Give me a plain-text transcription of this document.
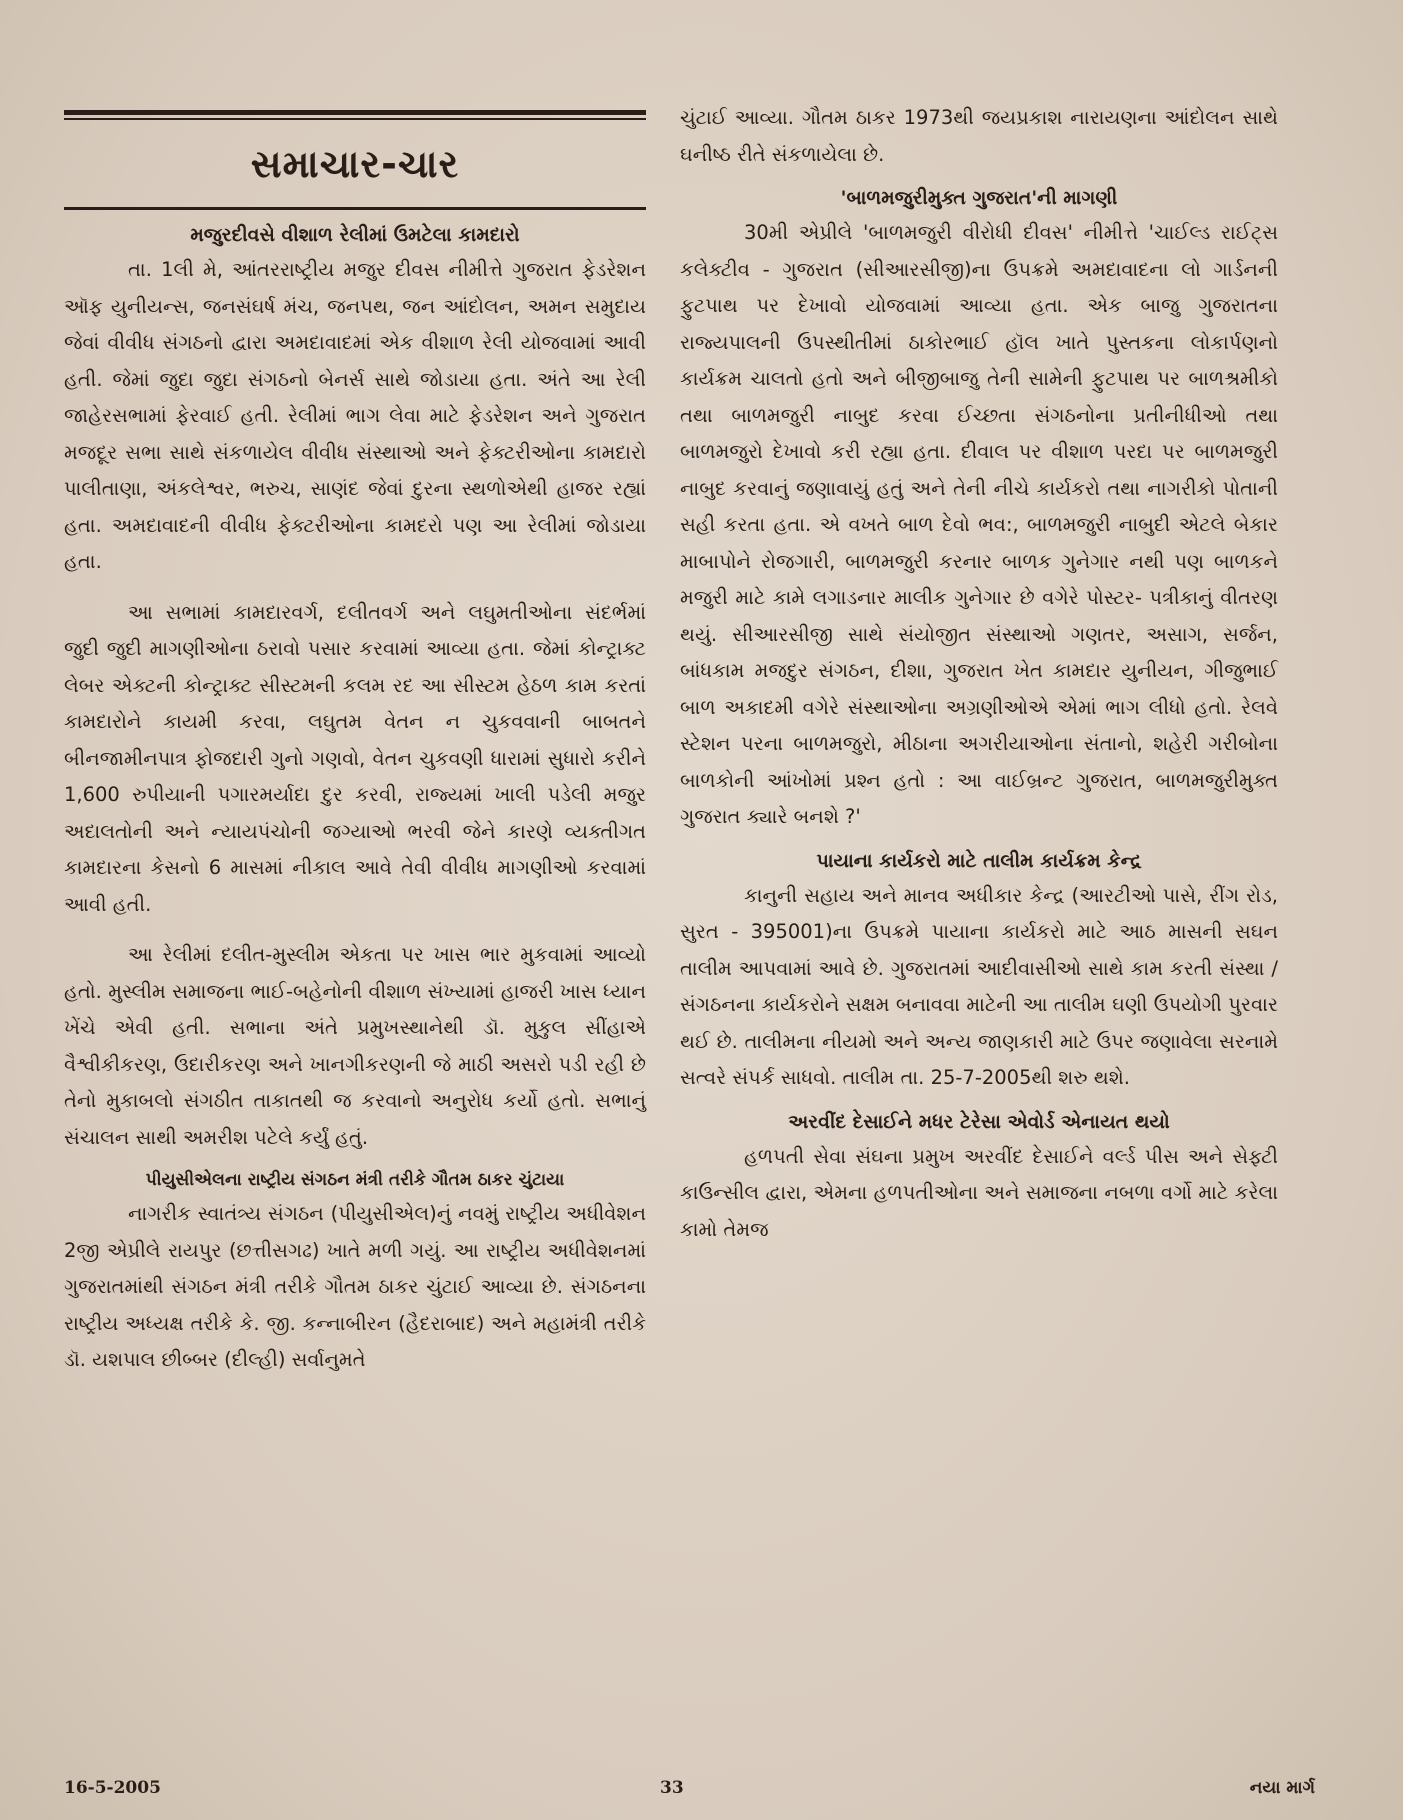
સમાચાર-ચાર
મજુરદીવસે વીશાળ રેલીમાં ઉમટેલા કામદારો

તા. 1લી મે, આંતરરાષ્ટ્રીય મજુર દીવસ નીમીત્તે ગુજરાત ફેડરેશન ઑફ યુનીયન્સ, જનસંઘર્ષ મંચ, જનપથ, જન આંદોલન, અમન સમુદાય જેવાં વીવીધ સંગઠનો દ્વારા અમદાવાદમાં એક વીશાળ રેલી યોજવામાં આવી હતી. જેમાં જુદા જુદા સંગઠનો બેનર્સ સાથે જોડાયા હતા. અંતે આ રેલી જાહેરસભામાં ફેરવાઈ હતી. રેલીમાં ભાગ લેવા માટે ફેડરેશન અને ગુજરાત મજદૂર સભા સાથે સંકળાયેલ વીવીધ સંસ્થાઓ અને ફેક્ટરીઓના કામદારો પાલીતાણા, અંકલેશ્વર, ભરુચ, સાણંદ જેવાં દુરના સ્થળોએથી હાજર રહ્યાં હતા. અમદાવાદની વીવીધ ફેક્ટરીઓના કામદરો પણ આ રેલીમાં જોડાયા હતા.

આ સભામાં કામદારવર્ગ, દલીતવર્ગ અને લઘુમતીઓના સંદર્ભમાં જુદી જુદી માગણીઓના ઠરાવો પસાર કરવામાં આવ્યા હતા. જેમાં કોન્ટ્રાક્ટ લેબર એક્ટની કોન્ટ્રાક્ટ સીસ્ટમની કલમ રદ આ સીસ્ટમ હેઠળ કામ કરતાં કામદારોને કાયમી કરવા, લઘુતમ વેતન ન ચુકવવાની બાબતને બીનજામીનપાત્ર ફોજદારી ગુનો ગણવો, વેતન ચુકવણી ધારામાં સુધારો કરીને 1,600 રુપીયાની પગારમર્યાદા દુર કરવી, રાજ્યમાં ખાલી પડેલી મજુર અદાલતોની અને ન્યાયપંચોની જગ્યાઓ ભરવી જેને કારણે વ્યક્તીગત કામદારના કેસનો 6 માસમાં નીકાલ આવે તેવી વીવીધ માગણીઓ કરવામાં આવી હતી.

આ રેલીમાં દલીત-મુસ્લીમ એકતા પર ખાસ ભાર મુકવામાં આવ્યો હતો. મુસ્લીમ સમાજના ભાઈ-બહેનોની વીશાળ સંખ્યામાં હાજરી ખાસ ધ્યાન ખેંચે એવી હતી. સભાના અંતે પ્રમુખસ્થાનેથી ડૉ. મુકુલ સીંહાએ વૈશ્વીકીકરણ, ઉદારીકરણ અને ખાનગીકરણની જે માઠી અસરો પડી રહી છે તેનો મુકાબલો સંગઠીત તાકાતથી જ કરવાનો અનુરોધ કર્યો હતો. સભાનું સંચાલન સાથી અમરીશ પટેલે કર્યું હતું.

પીયુસીએલના રાષ્ટ્રીય સંગઠન મંત્રી તરીકે ગૌતમ ઠાકર ચુંટાયા

નાગરીક સ્વાતંત્ર્ય સંગઠન (પીયુસીએલ)નું નવમું રાષ્ટ્રીય અધીવેશન 2જી એપ્રીલે રાયપુર (છત્તીસગઢ) ખાતે મળી ગયું. આ રાષ્ટ્રીય અધીવેશનમાં ગુજરાતમાંથી સંગઠન મંત્રી તરીકે ગૌતમ ઠાકર ચુંટાઈ આવ્યા છે. સંગઠનના રાષ્ટ્રીય અધ્યક્ષ તરીકે કે. જી. કન્નાબીરન (હૈદરાબાદ) અને મહામંત્રી તરીકે ડૉ. યશપાલ છીબ્બર (દીલ્હી) સર્વાનુમતે

ચુંટાઈ આવ્યા. ગૌતમ ઠાકર 1973થી જયપ્રકાશ નારાયણના આંદોલન સાથે ઘનીષ્ઠ રીતે સંકળાયેલા છે.

'બાળમજુરીમુક્ત ગુજરાત'ની માગણી

30મી એપ્રીલે 'બાળમજુરી વીરોધી દીવસ' નીમીત્તે 'ચાઈલ્ડ રાઈટ્સ કલેક્ટીવ - ગુજરાત (સીઆરસીજી)ના ઉપક્રમે અમદાવાદના લો ગાર્ડનની ફુટપાથ પર દેખાવો યોજવામાં આવ્યા હતા. એક બાજુ ગુજરાતના રાજ્યપાલની ઉપસ્થીતીમાં ઠાકોરભાઈ હૉલ ખાતે પુસ્તકના લોકાર્પણનો કાર્યક્રમ ચાલતો હતો અને બીજીબાજુ તેની સામેની ફુટપાથ પર બાળશ્રમીકો તથા બાળમજુરી નાબુદ કરવા ઈચ્છતા સંગઠનોના પ્રતીનીધીઓ તથા બાળમજુરો દેખાવો કરી રહ્યા હતા. દીવાલ પર વીશાળ પરદા પર બાળમજુરી નાબુદ કરવાનું જણાવાયું હતું અને તેની નીચે કાર્યકરો તથા નાગરીકો પોતાની સહી કરતા હતા. એ વખતે બાળ દેવો ભવ:, બાળમજુરી નાબુદી એટલે બેકાર માબાપોને રોજગારી, બાળમજુરી કરનાર બાળક ગુનેગાર નથી પણ બાળકને મજુરી માટે કામે લગાડનાર માલીક ગુનેગાર છે વગેરે પોસ્ટર- પત્રીકાનું વીતરણ થયું. સીઆરસીજી સાથે સંયોજીત સંસ્થાઓ ગણતર, અસાગ, સર્જન, બાંધકામ મજદુર સંગઠન, દીશા, ગુજરાત ખેત કામદાર યુનીયન, ગીજુભાઈ બાળ અકાદમી વગેરે સંસ્થાઓના અગ્રણીઓએ એમાં ભાગ લીધો હતો. રેલવે સ્ટેશન પરના બાળમજુરો, મીઠાના અગરીયાઓના સંતાનો, શહેરી ગરીબોના બાળકોની આંખોમાં પ્રશ્ન હતો : આ વાઈબ્રન્ટ ગુજરાત, બાળમજુરીમુક્ત ગુજરાત ક્યારે બનશે ?'

પાયાના કાર્યકરો માટે તાલીમ કાર્યક્રમ કેન્દ્ર

કાનુની સહાય અને માનવ અધીકાર કેન્દ્ર (આરટીઓ પાસે, રીંગ રોડ, સુરત - 395001)ના ઉપક્રમે પાયાના કાર્યકરો માટે આઠ માસની સઘન તાલીમ આપવામાં આવે છે. ગુજરાતમાં આદીવાસીઓ સાથે કામ કરતી સંસ્થા / સંગઠનના કાર્યકરોને સક્ષમ બનાવવા માટેની આ તાલીમ ઘણી ઉપયોગી પુરવાર થઈ છે. તાલીમના નીયમો અને અન્ય જાણકારી માટે ઉપર જણાવેલા સરનામે સત્વરે સંપર્ક સાધવો. તાલીમ તા. 25-7-2005થી શરુ થશે.

અરવીંદ દેસાઈને મધર ટેરેસા એવોર્ડ એનાયત થયો

હળપતી સેવા સંઘના પ્રમુખ અરવીંદ દેસાઈને વર્લ્ડ પીસ અને સેફ્ટી કાઉન્સીલ દ્વારા, એમના હળપતીઓના અને સમાજના નબળા વર્ગો માટે કરેલા કામો તેમજ

16-5-2005	33	નયા માર્ગ
